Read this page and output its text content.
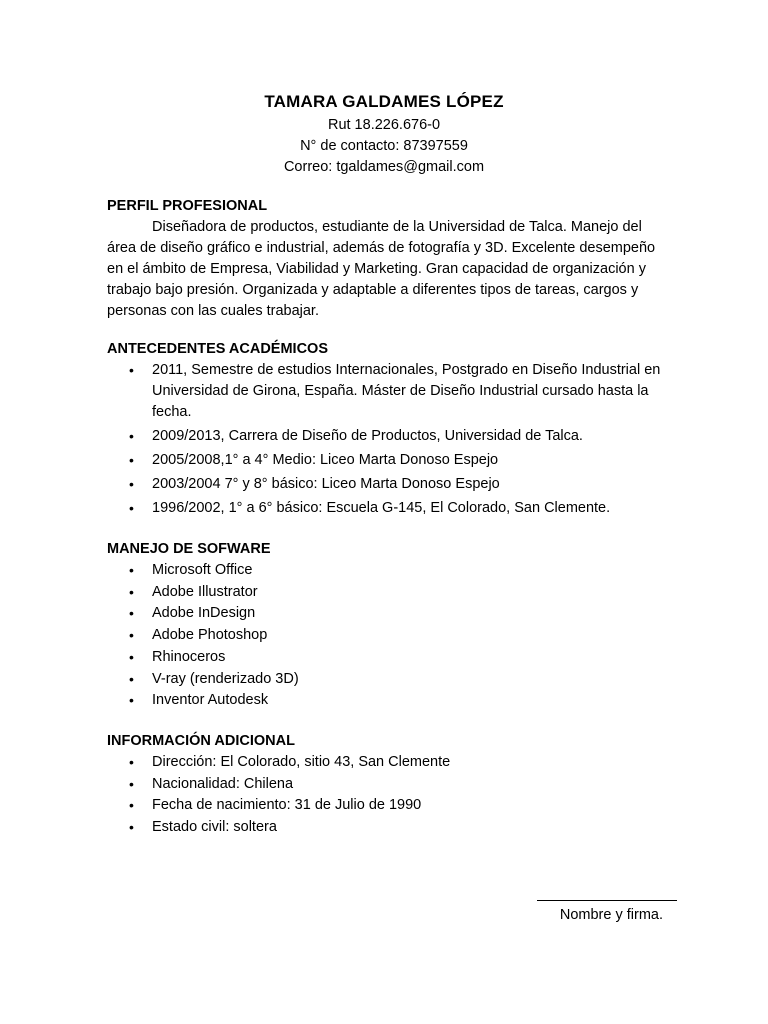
TAMARA GALDAMES LÓPEZ
Rut 18.226.676-0
N° de contacto: 87397559
Correo: tgaldames@gmail.com
PERFIL PROFESIONAL

Diseñadora de productos, estudiante de la Universidad de Talca. Manejo del área de diseño gráfico e industrial, además de fotografía y 3D. Excelente desempeño en el ámbito de Empresa, Viabilidad y Marketing. Gran capacidad de organización y trabajo bajo presión. Organizada y adaptable a diferentes tipos de tareas, cargos y personas con las cuales trabajar.

ANTECEDENTES ACADÉMICOS
•	2011, Semestre de estudios Internacionales, Postgrado en Diseño Industrial en Universidad de Girona, España. Máster de Diseño Industrial cursado hasta la fecha.
•	2009/2013, Carrera de Diseño de Productos, Universidad de Talca.
•	2005/2008,1° a 4° Medio: Liceo Marta Donoso Espejo
•	2003/2004 7° y 8° básico: Liceo Marta Donoso Espejo
•	1996/2002, 1° a 6° básico: Escuela G-145, El Colorado, San Clemente.
MANEJO DE SOFWARE
•	Microsoft Office
•	Adobe Illustrator
•	Adobe InDesign
•	Adobe Photoshop
•	Rhinoceros
•	V-ray (renderizado 3D)
•	Inventor Autodesk
INFORMACIÓN ADICIONAL
•	Dirección: El Colorado, sitio 43, San Clemente
•	Nacionalidad: Chilena
•	Fecha de nacimiento: 31 de Julio de 1990
•	Estado civil: soltera
Nombre y firma.
